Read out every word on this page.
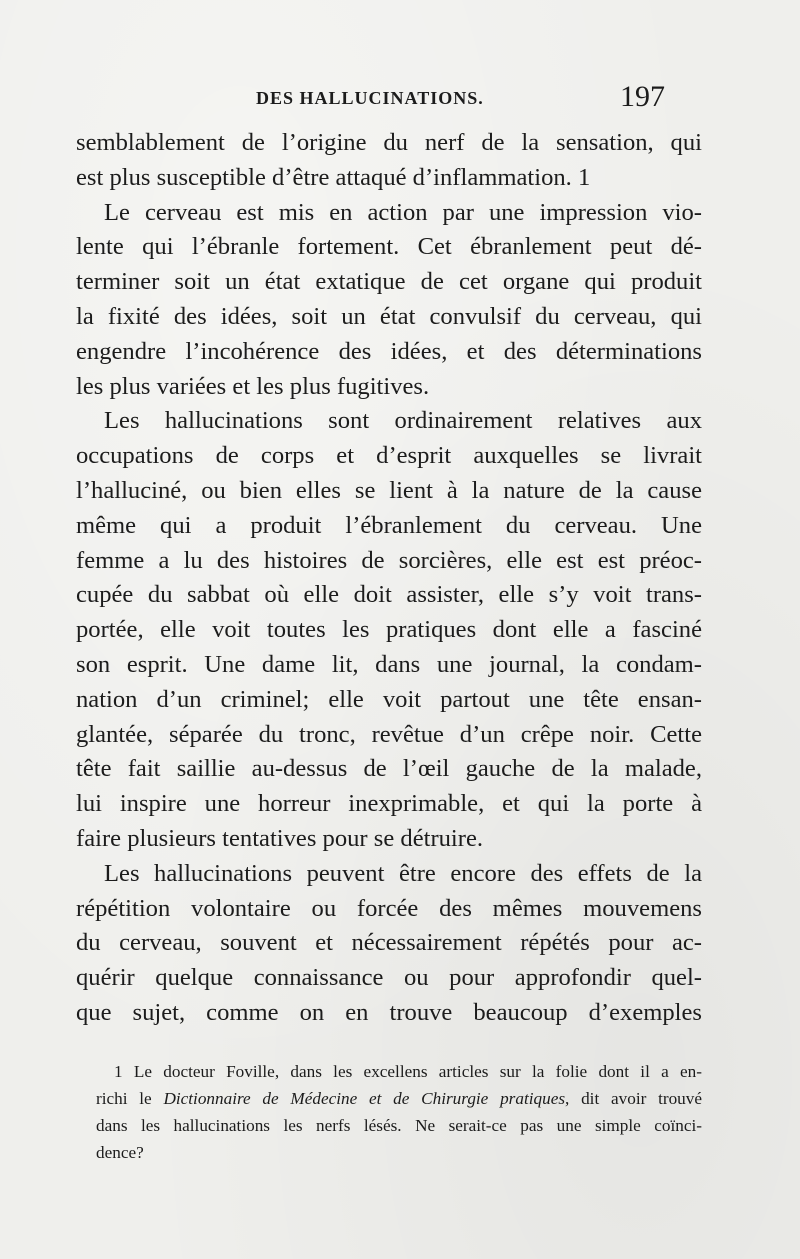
DES HALLUCINATIONS.	197
semblablement de l’origine du nerf de la sensation, qui
est plus susceptible d’être attaqué d’inflammation. 1
Le cerveau est mis en action par une impression vio-
lente qui l’ébranle fortement. Cet ébranlement peut dé-
terminer soit un état extatique de cet organe qui produit
la fixité des idées, soit un état convulsif du cerveau, qui
engendre l’incohérence des idées, et des déterminations
les plus variées et les plus fugitives.
Les hallucinations sont ordinairement relatives aux
occupations de corps et d’esprit auxquelles se livrait
l’halluciné, ou bien elles se lient à la nature de la cause
même qui a produit l’ébranlement du cerveau. Une
femme a lu des histoires de sorcières, elle est est préoc-
cupée du sabbat où elle doit assister, elle s’y voit trans-
portée, elle voit toutes les pratiques dont elle a fasciné
son esprit. Une dame lit, dans une journal, la condam-
nation d’un criminel; elle voit partout une tête ensan-
glantée, séparée du tronc, revêtue d’un crêpe noir. Cette
tête fait saillie au-dessus de l’œil gauche de la malade,
lui inspire une horreur inexprimable, et qui la porte à
faire plusieurs tentatives pour se détruire.
Les hallucinations peuvent être encore des effets de la
répétition volontaire ou forcée des mêmes mouvemens
du cerveau, souvent et nécessairement répétés pour ac-
quérir quelque connaissance ou pour approfondir quel-
que sujet, comme on en trouve beaucoup d’exemples
1 Le docteur Foville, dans les excellens articles sur la folie dont il a en-
richi le Dictionnaire de Médecine et de Chirurgie pratiques, dit avoir trouvé
dans les hallucinations les nerfs lésés. Ne serait-ce pas une simple coïnci-
dence?
